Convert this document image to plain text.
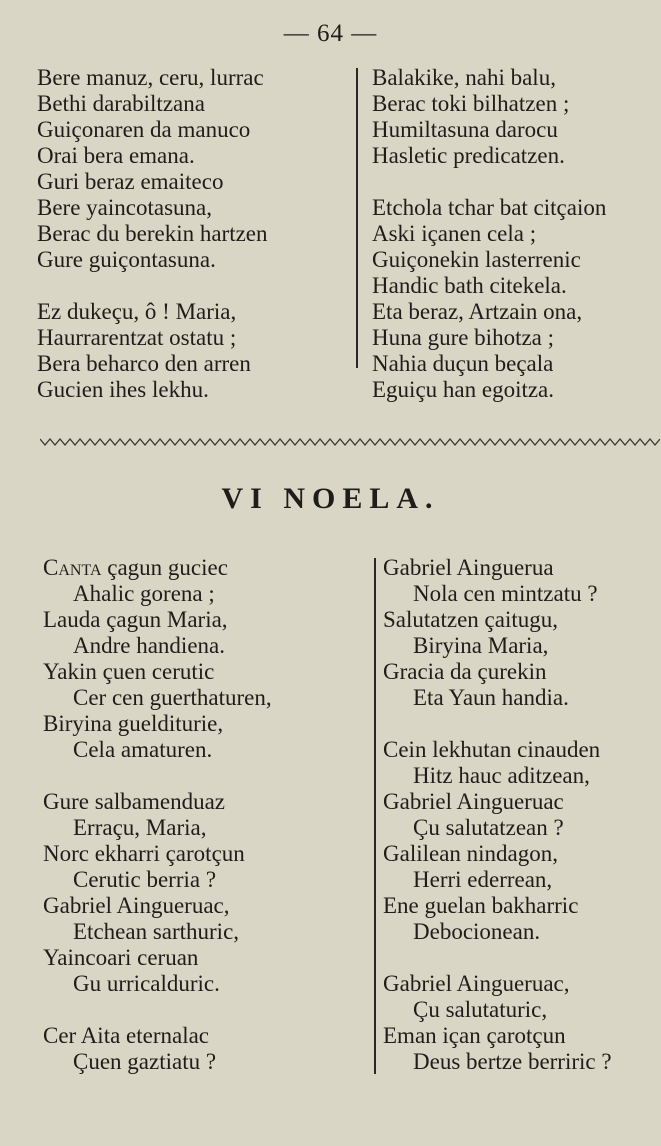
— 64 —
Bere manuz, ceru, lurrac
Bethi darabiltzana
Guiçonaren da manuco
Orai bera emana.
Guri beraz emaiteco
Bere yaincotasuna,
Berac du berekin hartzen
Gure guiçontasuna.
Ez dukeçu, ô ! Maria,
Haurrarentzat ostatu ;
Bera beharco den arren
Gucien ihes lekhu.
Balakike, nahi balu,
Berac toki bilhatzen ;
Humiltasuna darocu
Hasletic predicatzen.
Etchola tchar bat citçaion
Aski içanen cela ;
Guiçonekin lasterrenic
Handic bath citekela.
Eta beraz, Artzain ona,
Huna gure bihotza ;
Nahia duçun beçala
Eguiçu han egoitza.
VI NOELA.
Canta çagun guciec
Ahalic gorena ;
Lauda çagun Maria,
Andre handiena.
Yakin çuen cerutic
Cer cen guerthaturen,
Biryina guelditurie,
Cela amaturen.
Gure salbamenduaz
Erraçu, Maria,
Norc ekharri çarotçun
Cerutic berria ?
Gabriel Aingueruac,
Etchean sarthuric,
Yaincoari ceruan
Gu urricalduric.
Cer Aita eternalac
Çuen gaztiatu ?
Gabriel Ainguerua
Nola cen mintzatu ?
Salutatzen çaitugu,
Biryina Maria,
Gracia da çurekin
Eta Yaun handia.
Cein lekhutan cinauden
Hitz hauc aditzean,
Gabriel Aingueruac
Çu salutatzean ?
Galilean nindagon,
Herri ederrean,
Ene guelan bakharric
Debocionean.
Gabriel Aingueruac,
Çu salutaturic,
Eman içan çarotçun
Deus bertze berriric ?
